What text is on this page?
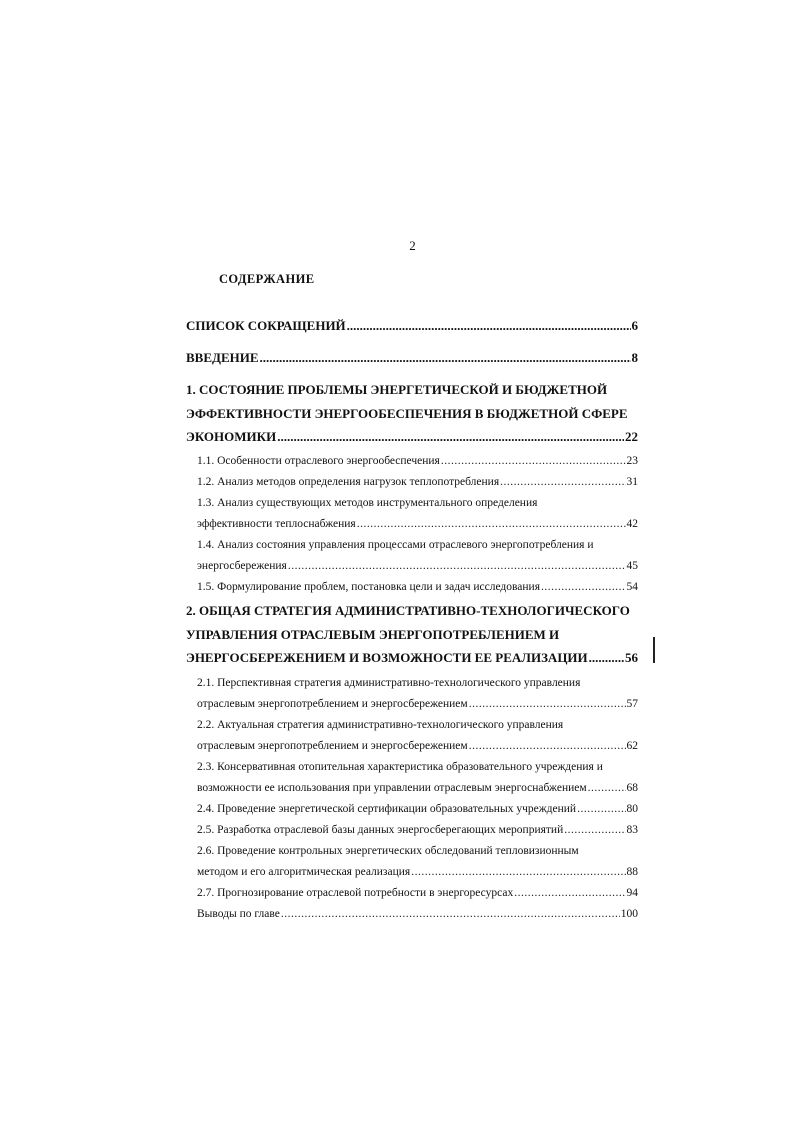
2
СОДЕРЖАНИЕ
СПИСОК СОКРАЩЕНИЙ .....	6
ВВЕДЕНИЕ .....	8
1. СОСТОЯНИЕ ПРОБЛЕМЫ ЭНЕРГЕТИЧЕСКОЙ И БЮДЖЕТНОЙ
ЭФФЕКТИВНОСТИ ЭНЕРГООБЕСПЕЧЕНИЯ В БЮДЖЕТНОЙ СФЕРЕ
ЭКОНОМИКИ .....	22
1.1. Особенности отраслевого энергообеспечения .....	23
1.2. Анализ методов определения нагрузок теплопотребления .....	31
1.3. Анализ существующих методов инструментального определения
эффективности теплоснабжения .....	42
1.4. Анализ состояния управления процессами отраслевого энергопотребления и
энергосбережения .....	45
1.5. Формулирование проблем, постановка цели и задач исследования .....	54
2. ОБЩАЯ СТРАТЕГИЯ АДМИНИСТРАТИВНО-ТЕХНОЛОГИЧЕСКОГО
УПРАВЛЕНИЯ ОТРАСЛЕВЫМ ЭНЕРГОПОТРЕБЛЕНИЕМ И
ЭНЕРГОСБЕРЕЖЕНИЕМ И ВОЗМОЖНОСТИ ЕЕ РЕАЛИЗАЦИИ .....	56
2.1. Перспективная стратегия административно-технологического управления
отраслевым энергопотреблением и энергосбережением .....	57
2.2. Актуальная стратегия административно-технологического управления
отраслевым энергопотреблением и энергосбережением .....	62
2.3. Консервативная отопительная характеристика образовательного учреждения и
возможности ее использования при управлении отраслевым энергоснабжением .....	68
2.4. Проведение энергетической сертификации образовательных учреждений .....	80
2.5. Разработка отраслевой базы данных энергосберегающих мероприятий .....	83
2.6. Проведение контрольных энергетических обследований тепловизионным
методом и его алгоритмическая реализация .....	88
2.7. Прогнозирование отраслевой потребности в энергоресурсах .....	94
Выводы по главе .....	100
